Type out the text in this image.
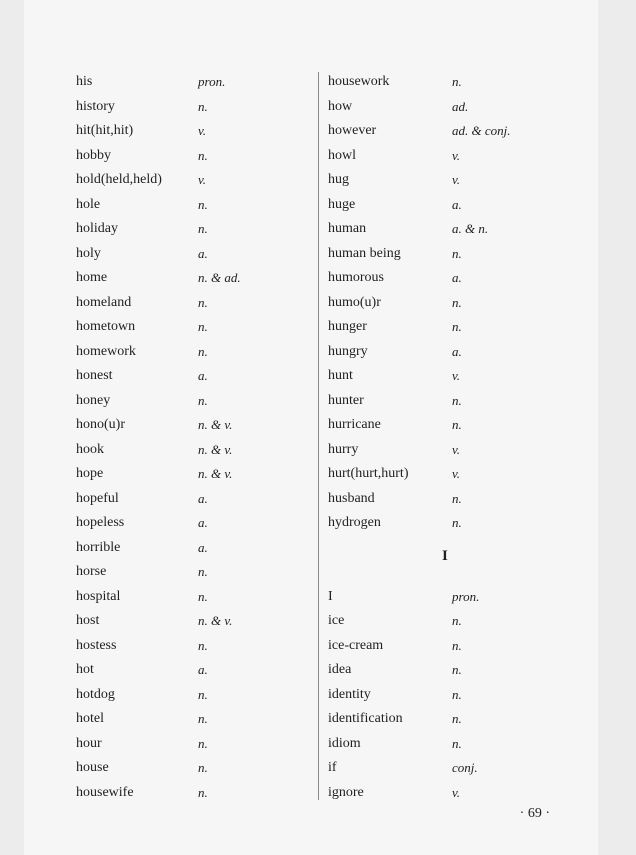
his	pron.
history	n.
hit(hit,hit)	v.
hobby	n.
hold(held,held)	v.
hole	n.
holiday	n.
holy	a.
home	n. & ad.
homeland	n.
hometown	n.
homework	n.
honest	a.
honey	n.
hono(u)r	n. & v.
hook	n. & v.
hope	n. & v.
hopeful	a.
hopeless	a.
horrible	a.
horse	n.
hospital	n.
host	n. & v.
hostess	n.
hot	a.
hotdog	n.
hotel	n.
hour	n.
house	n.
housewife	n.
housework	n.
how	ad.
however	ad. & conj.
howl	v.
hug	v.
huge	a.
human	a. & n.
human being	n.
humorous	a.
humo(u)r	n.
hunger	n.
hungry	a.
hunt	v.
hunter	n.
hurricane	n.
hurry	v.
hurt(hurt,hurt)	v.
husband	n.
hydrogen	n.
I
I	pron.
ice	n.
ice-cream	n.
idea	n.
identity	n.
identification	n.
idiom	n.
if	conj.
ignore	v.
· 69 ·
